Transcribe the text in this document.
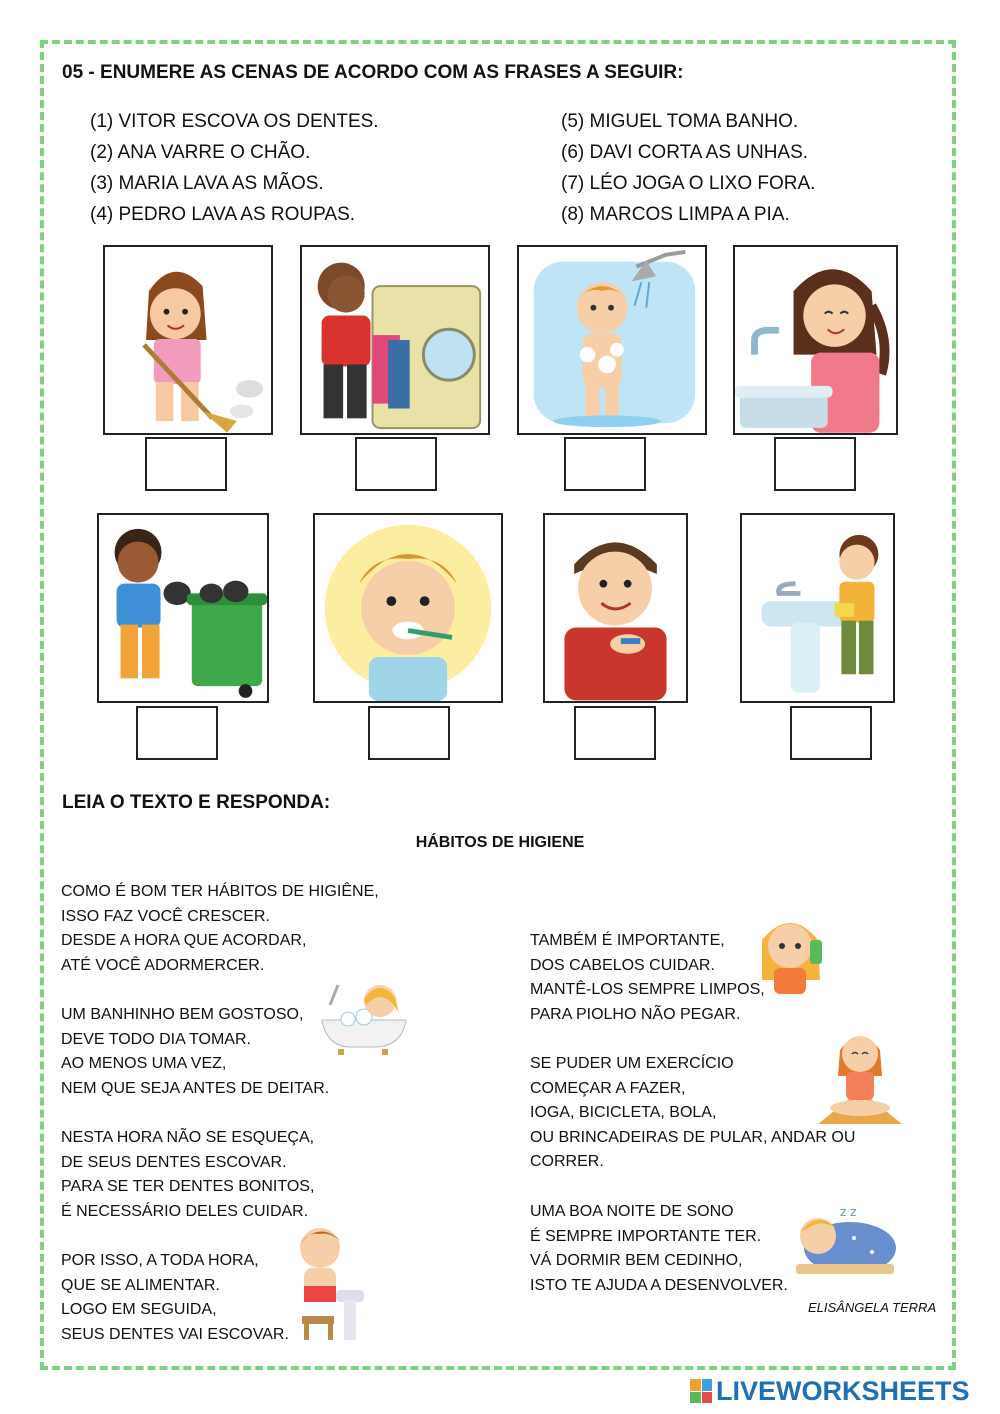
05 - ENUMERE AS CENAS DE ACORDO COM AS FRASES A SEGUIR:
(1) VITOR ESCOVA OS DENTES.
(2) ANA VARRE O CHÃO.
(3) MARIA LAVA AS MÃOS.
(4) PEDRO LAVA AS ROUPAS.
(5) MIGUEL TOMA BANHO.
(6) DAVI CORTA AS UNHAS.
(7) LÉO JOGA O LIXO FORA.
(8) MARCOS LIMPA A PIA.
LEIA O TEXTO E RESPONDA:
HÁBITOS DE HIGIENE
COMO É BOM TER HÁBITOS DE HIGIÊNE,
ISSO FAZ VOCÊ CRESCER.
DESDE A HORA QUE ACORDAR,
ATÉ VOCÊ ADORMERCER.
UM BANHINHO BEM GOSTOSO,
DEVE TODO DIA TOMAR.
AO MENOS UMA VEZ,
NEM QUE SEJA ANTES DE DEITAR.
NESTA HORA NÃO SE ESQUEÇA,
DE SEUS DENTES ESCOVAR.
PARA SE TER DENTES BONITOS,
É NECESSÁRIO DELES CUIDAR.
POR ISSO, A TODA HORA,
QUE SE ALIMENTAR.
LOGO EM SEGUIDA,
SEUS DENTES VAI ESCOVAR.
TAMBÉM É IMPORTANTE,
DOS CABELOS CUIDAR.
MANTÊ-LOS SEMPRE LIMPOS,
PARA PIOLHO NÃO PEGAR.
SE PUDER UM EXERCÍCIO
COMEÇAR A FAZER,
IOGA, BICICLETA, BOLA,
OU BRINCADEIRAS DE PULAR, ANDAR OU
CORRER.
UMA BOA NOITE DE SONO
É SEMPRE IMPORTANTE TER.
VÁ DORMIR BEM CEDINHO,
ISTO TE AJUDA A DESENVOLVER.
ELISÂNGELA TERRA
z z
LIVEWORKSHEETS
